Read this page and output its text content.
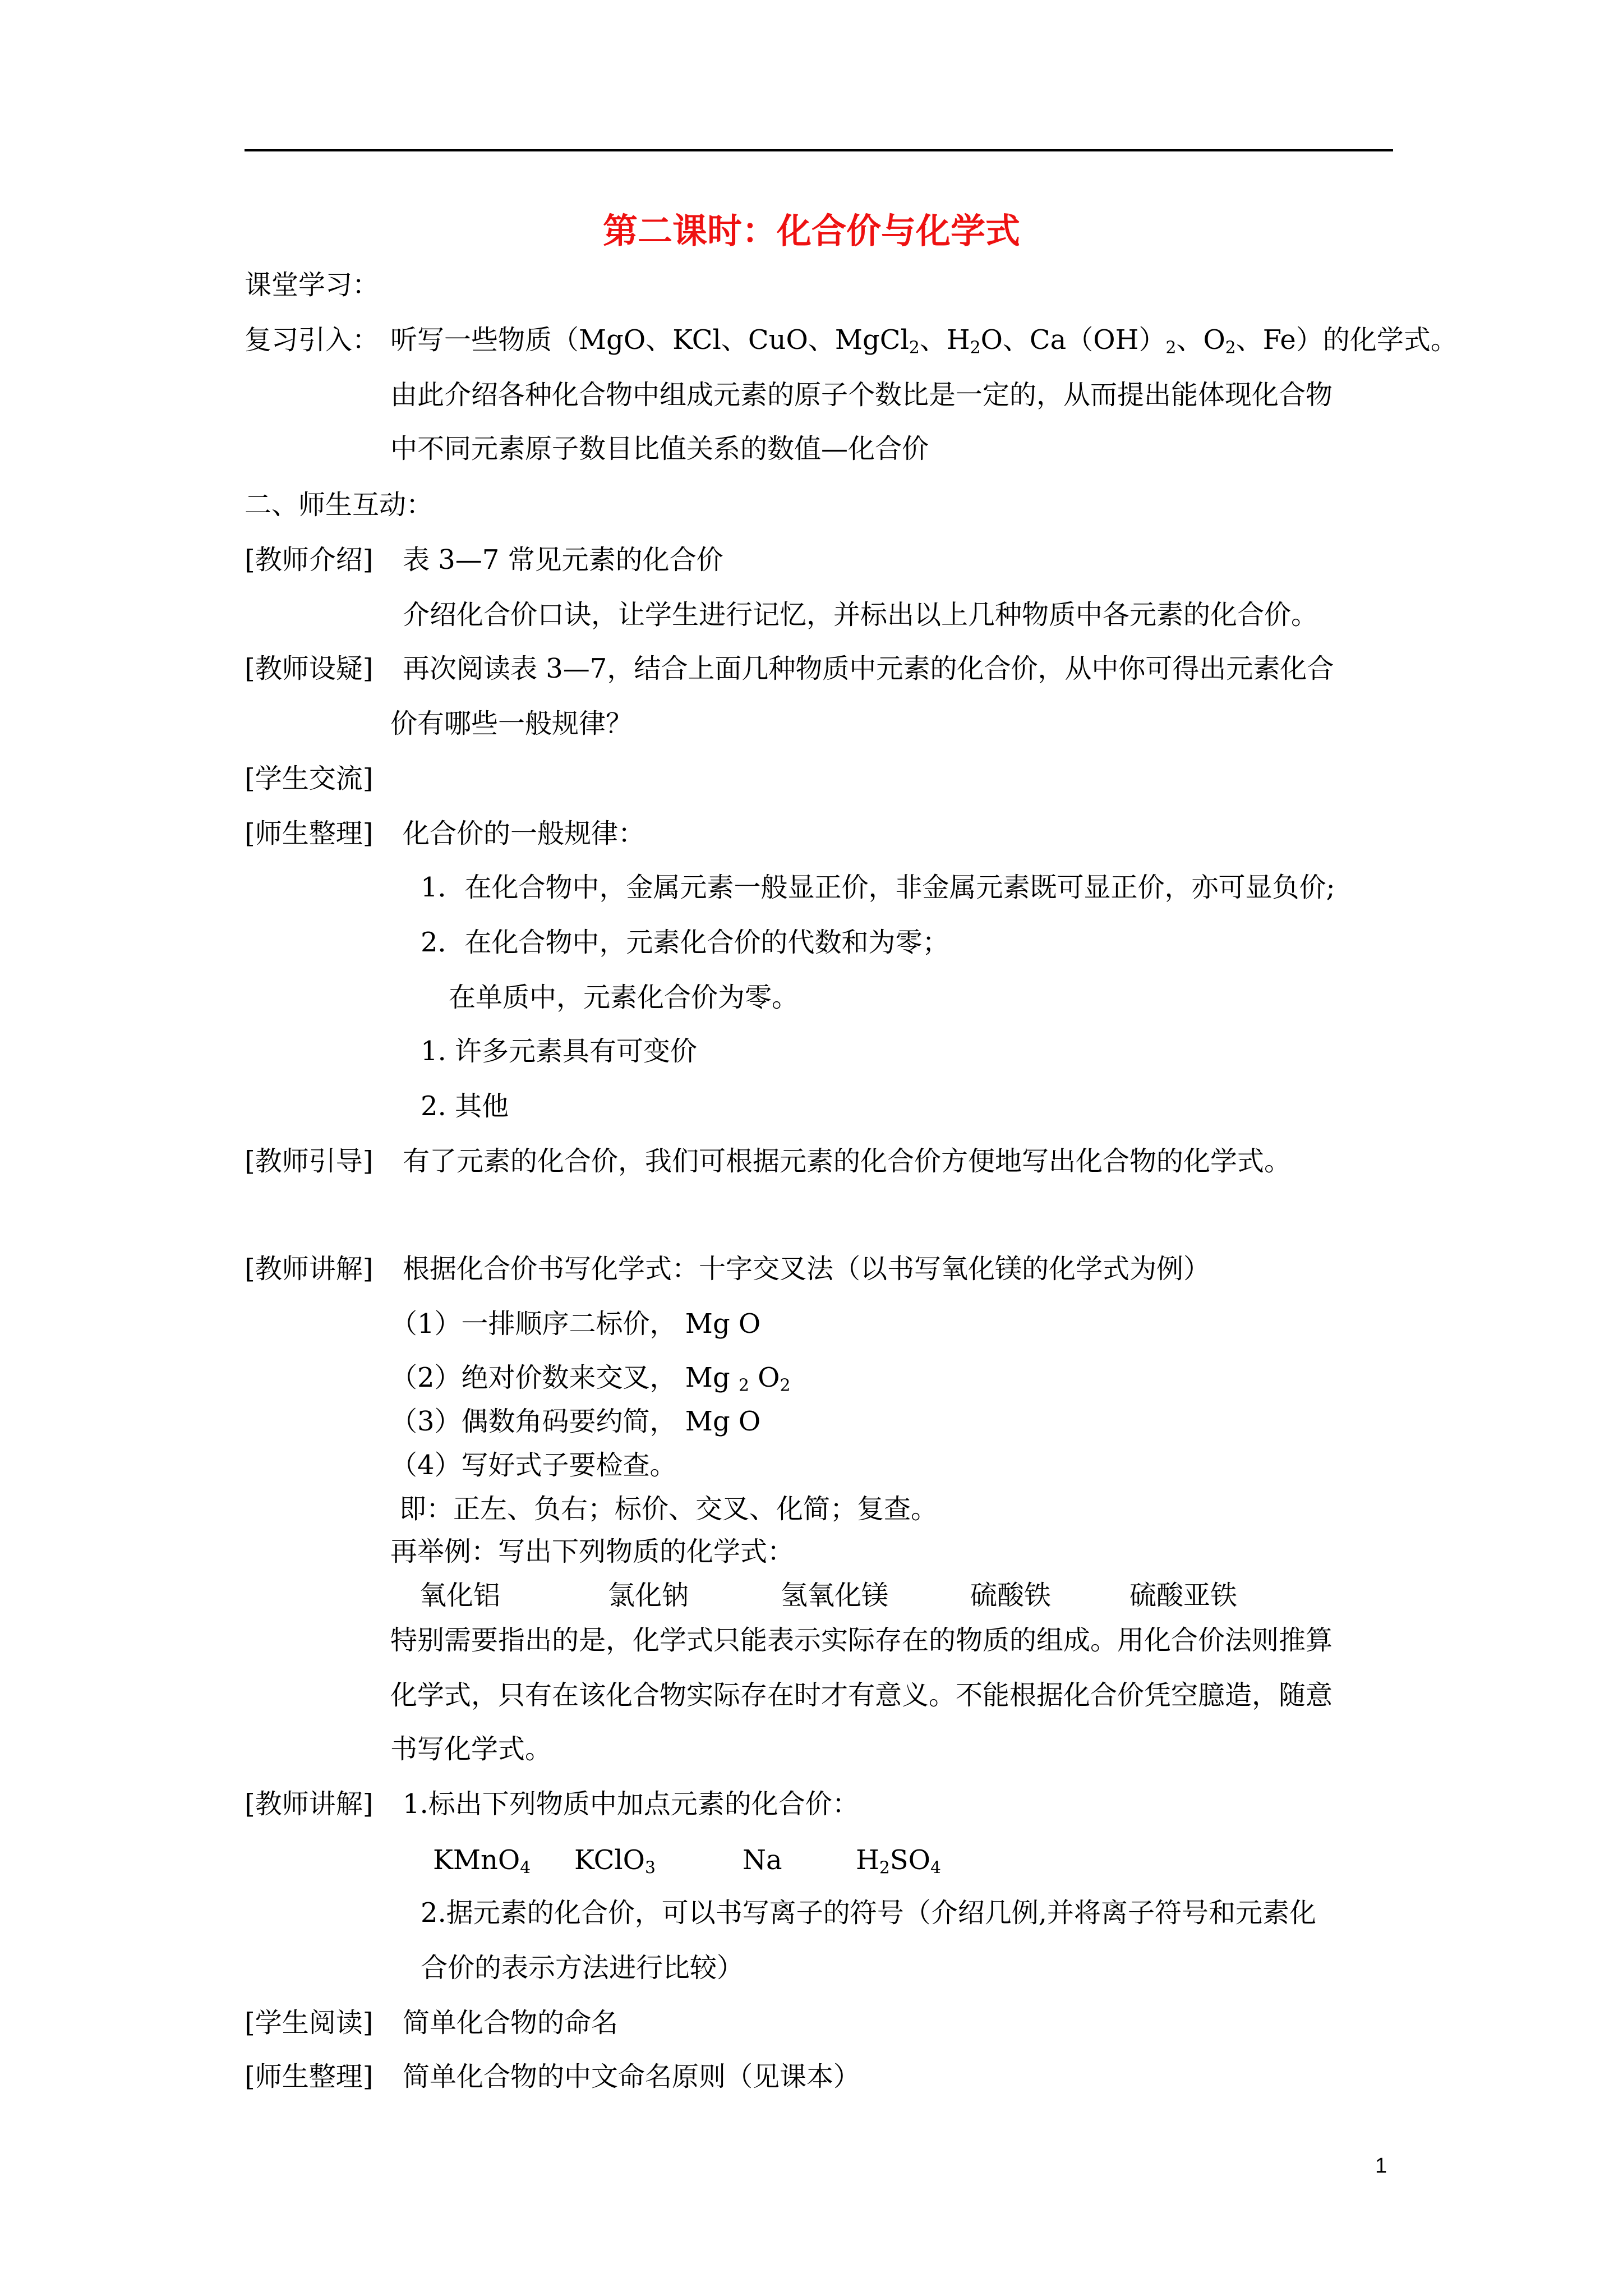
第二课时：化合价与化学式
课堂学习：
复习引入： 听写一些物质（MgO、KCl、CuO、MgCl$_2$、$H_2O$、$Ca(OH)_2$、$O_2$、Fe）的化学式。
由此介绍各种化合物中组成元素的原子个数比是一定的，从而提出能体现化合物
中不同元素原子数目比值关系的数值—化合价
二、师生互动：
[教师介绍] 表 3—7 常见元素的化合价
介绍化合价口诀，让学生进行记忆，并标出以上几种物质中各元素的化合价。
[教师设疑] 再次阅读表 3—7，结合上面几种物质中元素的化合价，从中你可得出元素化合
价有哪些一般规律？
[学生交流]
[师生整理] 化合价的一般规律：
1．在化合物中，金属元素一般显正价，非金属元素既可显正价，亦可显负价;
2．在化合物中，元素化合价的代数和为零；
在单质中，元素化合价为零。
1. 许多元素具有可变价
2. 其他
[教师引导] 有了元素的化合价，我们可根据元素的化合价方便地写出化合物的化学式。
[教师讲解] 根据化合价书写化学式：十字交叉法（以书写氧化镁的化学式为例）
（1）一排顺序二标价， Mg O
（2）绝对价数来交叉， Mg $_2$ $O_2$
（3）偶数角码要约简， Mg O
（4）写好式子要检查。
即：正左、负右；标价、交叉、化简；复查。
再举例：写出下列物质的化学式：
氧化铝	氯化钠	氢氧化镁	硫酸铁	硫酸亚铁
特别需要指出的是，化学式只能表示实际存在的物质的组成。用化合价法则推算
化学式，只有在该化合物实际存在时才有意义。不能根据化合价凭空臆造，随意
书写化学式。
[教师讲解] 1.标出下列物质中加点元素的化合价：
KMnO$_4$ KClO$_3$	Na	$H_2SO_4$
2.据元素的化合价，可以书写离子的符号（介绍几例,并将离子符号和元素化
合价的表示方法进行比较）
[学生阅读] 简单化合物的命名
[师生整理] 简单化合物的中文命名原则（见课本）
1
